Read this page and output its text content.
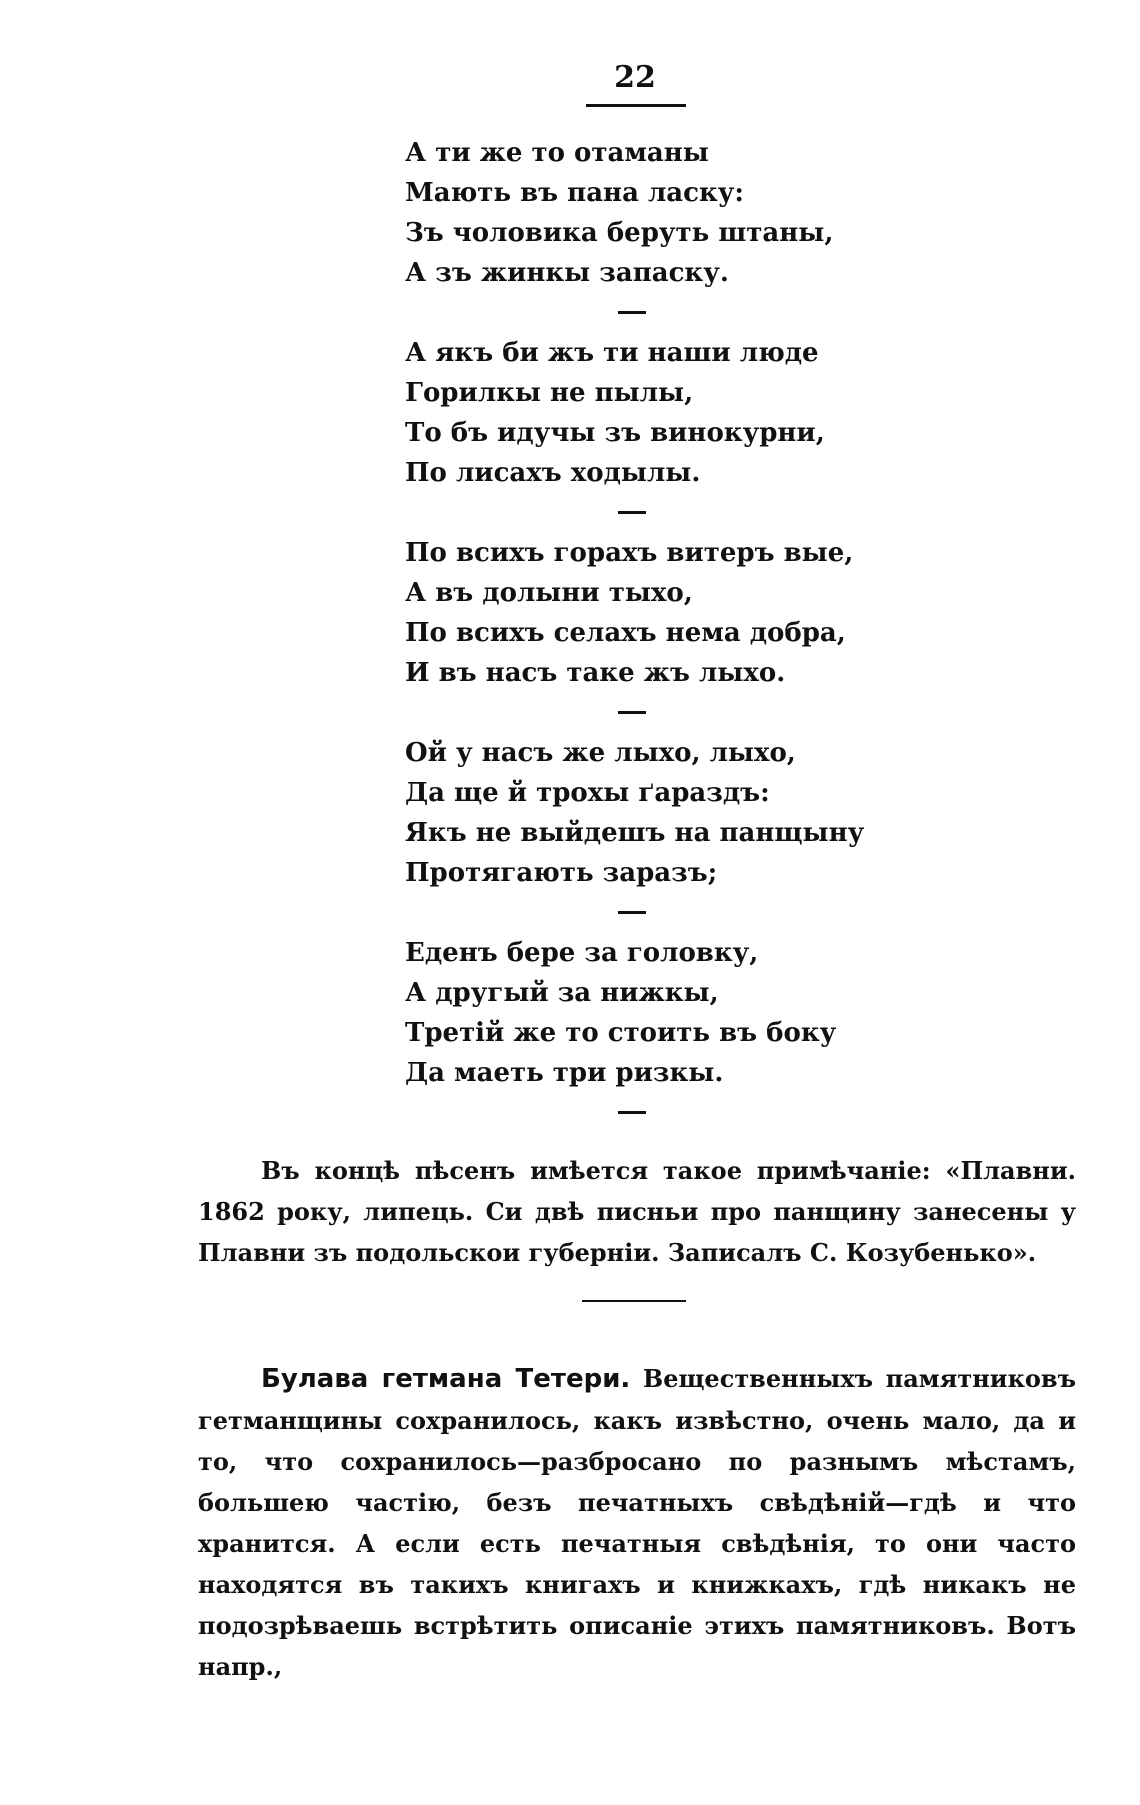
22
А ти же то отаманы
Мають въ пана ласку:
Зъ чоловика беруть штаны,
А зъ жинкы запаску.
А якъ би жъ ти наши люде
Горилкы не пылы,
То бъ идучы зъ винокурни,
По лисахъ ходылы.
По всихъ горахъ витеръ вые,
А въ долыни тыхо,
По всихъ селахъ нема добра,
И въ насъ таке жъ лыхо.
Ой у насъ же лыхо, лыхо,
Да ще й трохы ґараздъ:
Якъ не выйдешъ на панщыну
Протягають заразъ;
Еденъ бере за головку,
А другый за нижкы,
Третій же то стоить въ боку
Да маеть три ризкы.

Въ концѣ пѣсенъ имѣется такое примѣчаніе: «Плавни. 1862 року, липець. Си двѣ писньи про панщину занесены у Плавни зъ подольскои губерніи. Записалъ С. Козубенько».

Булава гетмана Тетери. Вещественныхъ памятниковъ гетманщины сохранилось, какъ извѣстно, очень мало, да и то, что сохранилось—разбросано по разнымъ мѣстамъ, большею частію, безъ печатныхъ свѣдѣній—гдѣ и что хранится. А если есть печатныя свѣдѣнія, то они часто находятся въ такихъ книгахъ и книжкахъ, гдѣ никакъ не подозрѣваешь встрѣтить описаніе этихъ памятниковъ. Вотъ напр.,
